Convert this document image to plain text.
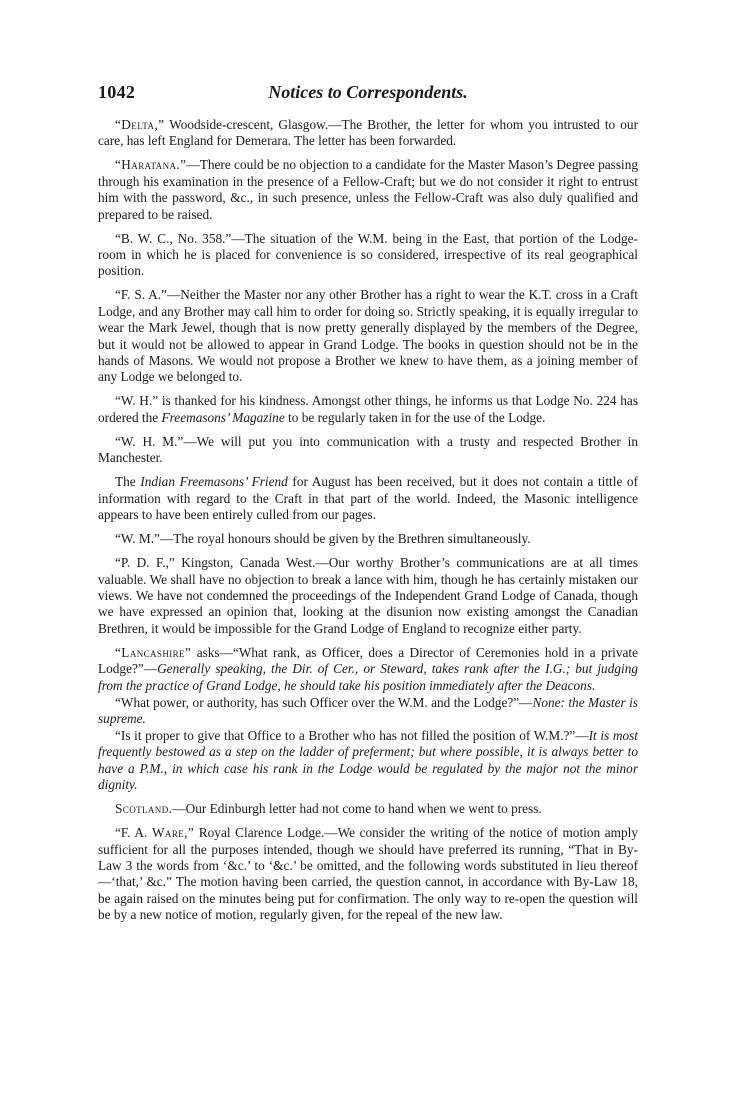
1042	Notices to Correspondents.

“Delta,” Woodside-crescent, Glasgow.—The Brother, the letter for whom you intrusted to our care, has left England for Demerara. The letter has been forwarded.

“Haratana.”—There could be no objection to a candidate for the Master Mason’s Degree passing through his examination in the presence of a Fellow-Craft; but we do not consider it right to entrust him with the password, &c., in such presence, unless the Fellow-Craft was also duly qualified and prepared to be raised.

“B. W. C., No. 358.”—The situation of the W.M. being in the East, that portion of the Lodge-room in which he is placed for convenience is so considered, irrespective of its real geographical position.

“F. S. A.”—Neither the Master nor any other Brother has a right to wear the K.T. cross in a Craft Lodge, and any Brother may call him to order for doing so. Strictly speaking, it is equally irregular to wear the Mark Jewel, though that is now pretty generally displayed by the members of the Degree, but it would not be allowed to appear in Grand Lodge. The books in question should not be in the hands of Masons. We would not propose a Brother we knew to have them, as a joining member of any Lodge we belonged to.

“W. H.” is thanked for his kindness. Amongst other things, he informs us that Lodge No. 224 has ordered the Freemasons’ Magazine to be regularly taken in for the use of the Lodge.

“W. H. M.”—We will put you into communication with a trusty and respected Brother in Manchester.

The Indian Freemasons’ Friend for August has been received, but it does not contain a tittle of information with regard to the Craft in that part of the world. Indeed, the Masonic intelligence appears to have been entirely culled from our pages.

“W. M.”—The royal honours should be given by the Brethren simultaneously.

“P. D. F.,” Kingston, Canada West.—Our worthy Brother’s communications are at all times valuable. We shall have no objection to break a lance with him, though he has certainly mistaken our views. We have not condemned the proceedings of the Independent Grand Lodge of Canada, though we have expressed an opinion that, looking at the disunion now existing amongst the Canadian Brethren, it would be impossible for the Grand Lodge of England to recognize either party.

“Lancashire” asks—“What rank, as Officer, does a Director of Ceremonies hold in a private Lodge?”—Generally speaking, the Dir. of Cer., or Steward, takes rank after the I.G.; but judging from the practice of Grand Lodge, he should take his position immediately after the Deacons.

“What power, or authority, has such Officer over the W.M. and the Lodge?”—None: the Master is supreme.

“Is it proper to give that Office to a Brother who has not filled the position of W.M.?”—It is most frequently bestowed as a step on the ladder of preferment; but where possible, it is always better to have a P.M., in which case his rank in the Lodge would be regulated by the major not the minor dignity.

Scotland.—Our Edinburgh letter had not come to hand when we went to press.

“F. A. Ware,” Royal Clarence Lodge.—We consider the writing of the notice of motion amply sufficient for all the purposes intended, though we should have preferred its running, “That in By-Law 3 the words from ‘&c.’ to ‘&c.’ be omitted, and the following words substituted in lieu thereof—‘that,’ &c.” The motion having been carried, the question cannot, in accordance with By-Law 18, be again raised on the minutes being put for confirmation. The only way to re-open the question will be by a new notice of motion, regularly given, for the repeal of the new law.
